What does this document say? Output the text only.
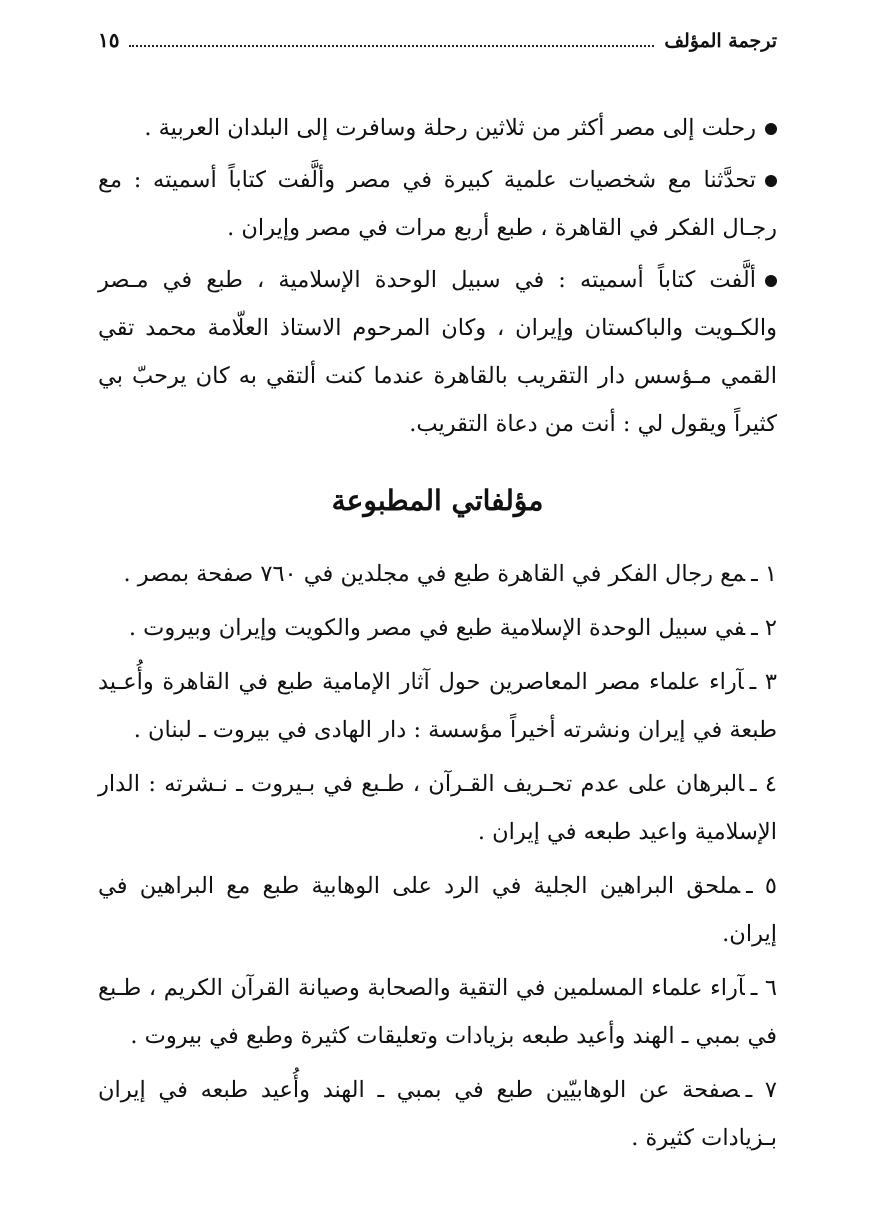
ترجمة المؤلف
١٥

رحلت إلى مصر أكثر من ثلاثين رحلة وسافرت إلى البلدان العربية .

تحدَّثنا مع شخصيات علمية كبيرة في مصر وألَّفت كتاباً أسميته : مع رجـال الفكر في القاهرة ، طبع أربع مرات في مصر وإيران .

ألَّفت كتاباً أسميته : في سبيل الوحدة الإسلامية ، طبع في مـصر والكـويت والباكستان وإيران ، وكان المرحوم الاستاذ العلّامة محمد تقي القمي مـؤسس دار التقريب بالقاهرة عندما كنت ألتقي به كان يرحبّ بي كثيراً ويقول لي : أنت من دعاة التقريب.

مؤلفاتي المطبوعة

١ ـمع رجال الفكر في القاهرة طبع في مجلدين في ٧٦٠ صفحة بمصر .

٢ ـفي سبيل الوحدة الإسلامية طبع في مصر والكويت وإيران وبيروت .

٣ ـآراء علماء مصر المعاصرين حول آثار الإمامية طبع في القاهرة وأُعـيد طبعة في إيران ونشرته أخيراً مؤسسة : دار الهادى في بيروت ـ لبنان .

٤ ـالبرهان على عدم تحـريف القـرآن ، طـبع في بـيروت ـ نـشرته : الدار الإسلامية واعيد طبعه في إيران .

٥ ـملحق البراهين الجلية في الرد على الوهابية طبع مع البراهين في إيران.

٦ ـآراء علماء المسلمين في التقية والصحابة وصيانة القرآن الكريم ، طـبع في بمبي ـ الهند وأعيد طبعه بزيادات وتعليقات كثيرة وطبع في بيروت .

٧ ـصفحة عن الوهابيّين طبع في بمبي ـ الهند وأُعيد طبعه في إيران بـزيادات كثيرة .
